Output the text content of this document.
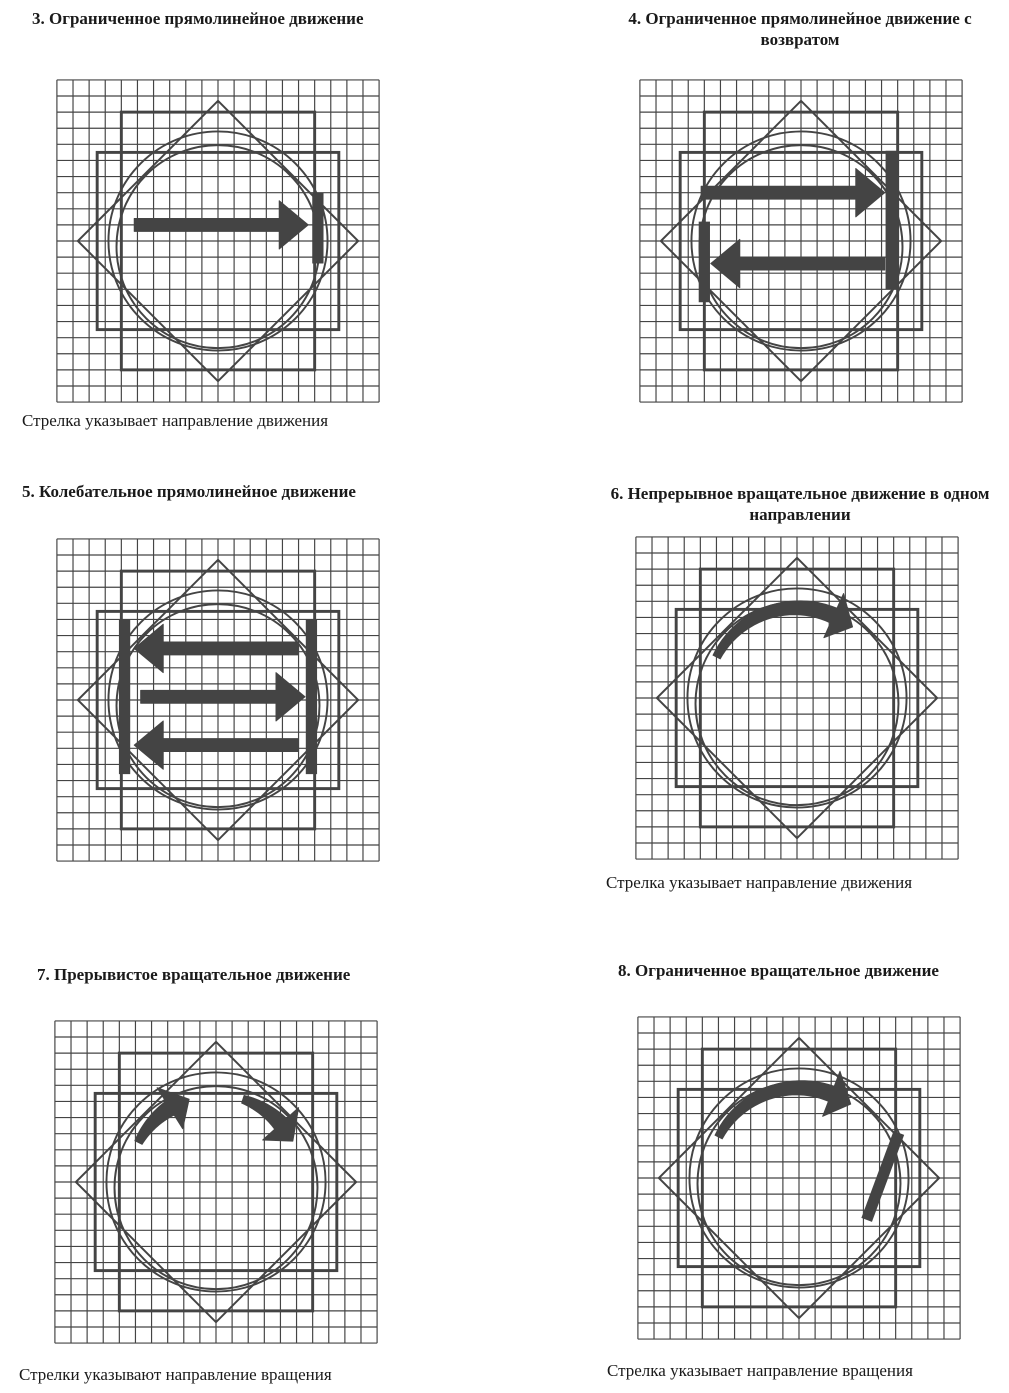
3. Ограниченное прямолинейное движение
Стрелка указывает направление движения
4. Ограниченное прямолинейное движение с возвратом
5. Колебательное прямолинейное движение	6. Непрерывное вращательное движение в одном направлении
Стрелка указывает направление движения
7. Прерывистое вращательное движение
Стрелки указывают направление вращения
8. Ограниченное вращательное движение
Стрелка указывает направление вращения
